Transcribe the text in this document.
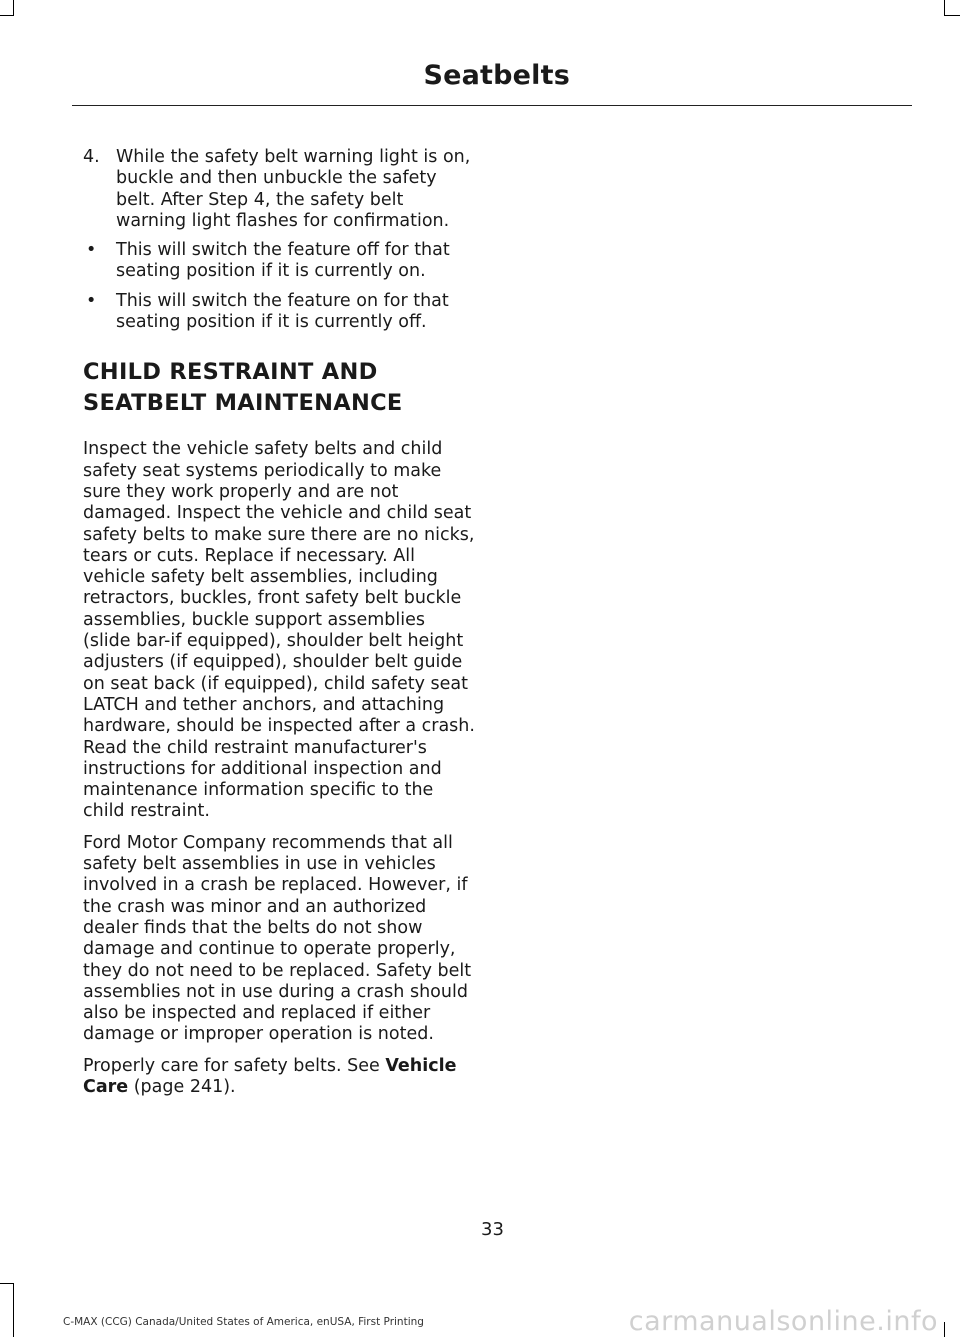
Seatbelts
4. While the safety belt warning light is on, buckle and then unbuckle the safety belt. After Step 4, the safety belt warning light flashes for confirmation.
•	This will switch the feature off for that seating position if it is currently on.
•	This will switch the feature on for that seating position if it is currently off.
CHILD RESTRAINT AND
SEATBELT MAINTENANCE

Inspect the vehicle safety belts and child safety seat systems periodically to make sure they work properly and are not damaged. Inspect the vehicle and child seat safety belts to make sure there are no nicks, tears or cuts. Replace if necessary. All vehicle safety belt assemblies, including retractors, buckles, front safety belt buckle assemblies, buckle support assemblies (slide bar-if equipped), shoulder belt height adjusters (if equipped), shoulder belt guide on seat back (if equipped), child safety seat LATCH and tether anchors, and attaching hardware, should be inspected after a crash. Read the child restraint manufacturer's instructions for additional inspection and maintenance information specific to the child restraint.

Ford Motor Company recommends that all safety belt assemblies in use in vehicles involved in a crash be replaced. However, if the crash was minor and an authorized dealer finds that the belts do not show damage and continue to operate properly, they do not need to be replaced. Safety belt assemblies not in use during a crash should also be inspected and replaced if either damage or improper operation is noted.

Properly care for safety belts. See Vehicle Care (page 241).

33
C-MAX (CCG) Canada/United States of America, enUSA, First Printing	carmanualsonline.info
